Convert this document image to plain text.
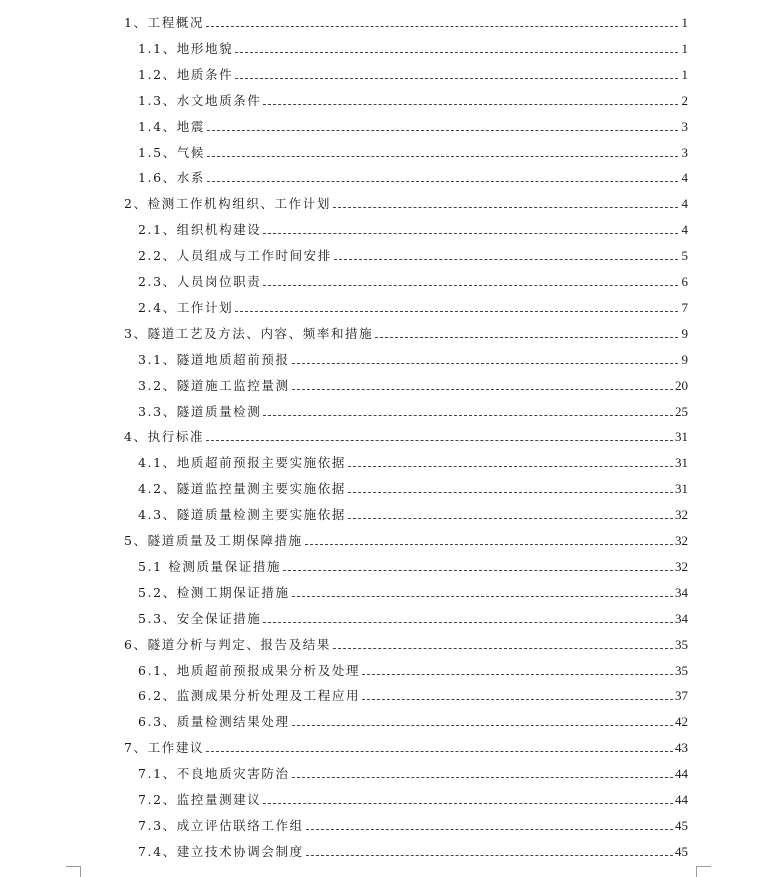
1、工程概况	1
1.1、地形地貌	1
1.2、地质条件	1
1.3、水文地质条件	2
1.4、地震	3
1.5、气候	3
1.6、水系	4
2、检测工作机构组织、工作计划	4
2.1、组织机构建设	4
2.2、人员组成与工作时间安排	5
2.3、人员岗位职责	6
2.4、工作计划	7
3、隧道工艺及方法、内容、频率和措施	9
3.1、隧道地质超前预报	9
3.2、隧道施工监控量测	20
3.3、隧道质量检测	25
4、执行标准	31
4.1、地质超前预报主要实施依据	31
4.2、隧道监控量测主要实施依据	31
4.3、隧道质量检测主要实施依据	32
5、隧道质量及工期保障措施	32
5.1 检测质量保证措施	32
5.2、检测工期保证措施	34
5.3、安全保证措施	34
6、隧道分析与判定、报告及结果	35
6.1、地质超前预报成果分析及处理	35
6.2、监测成果分析处理及工程应用	37
6.3、质量检测结果处理	42
7、工作建议	43
7.1、不良地质灾害防治	44
7.2、监控量测建议	44
7.3、成立评估联络工作组	45
7.4、建立技术协调会制度	45
